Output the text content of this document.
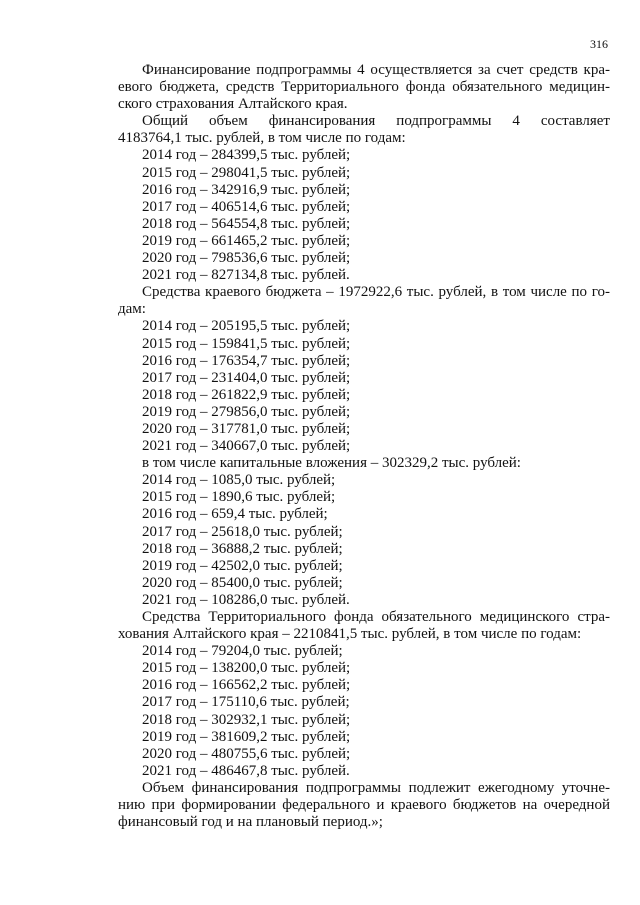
316

Финансирование подпрограммы 4 осуществляется за счет средств кра-

евого бюджета, средств Территориального фонда обязательного медицин-

ского страхования Алтайского края.

Общий объем финансирования подпрограммы 4 составляет

4183764,1 тыс. рублей, в том числе по годам:

2014 год – 284399,5 тыс. рублей;
2015 год – 298041,5 тыс. рублей;
2016 год – 342916,9 тыс. рублей;
2017 год – 406514,6 тыс. рублей;
2018 год – 564554,8 тыс. рублей;
2019 год – 661465,2 тыс. рублей;
2020 год – 798536,6 тыс. рублей;
2021 год – 827134,8 тыс. рублей.

Средства краевого бюджета – 1972922,6 тыс. рублей, в том числе по го-

дам:

2014 год – 205195,5 тыс. рублей;
2015 год – 159841,5 тыс. рублей;
2016 год – 176354,7 тыс. рублей;
2017 год – 231404,0 тыс. рублей;
2018 год – 261822,9 тыс. рублей;
2019 год – 279856,0 тыс. рублей;
2020 год – 317781,0 тыс. рублей;
2021 год – 340667,0 тыс. рублей;

в том числе капитальные вложения – 302329,2 тыс. рублей:

2014 год – 1085,0 тыс. рублей;
2015 год – 1890,6 тыс. рублей;
2016 год – 659,4 тыс. рублей;
2017 год – 25618,0 тыс. рублей;
2018 год – 36888,2 тыс. рублей;
2019 год – 42502,0 тыс. рублей;
2020 год – 85400,0 тыс. рублей;
2021 год – 108286,0 тыс. рублей.

Средства Территориального фонда обязательного медицинского стра-

хования Алтайского края – 2210841,5 тыс. рублей, в том числе по годам:

2014 год – 79204,0 тыс. рублей;
2015 год – 138200,0 тыс. рублей;
2016 год – 166562,2 тыс. рублей;
2017 год – 175110,6 тыс. рублей;
2018 год – 302932,1 тыс. рублей;
2019 год – 381609,2 тыс. рублей;
2020 год – 480755,6 тыс. рублей;
2021 год – 486467,8 тыс. рублей.

Объем финансирования подпрограммы подлежит ежегодному уточне-

нию при формировании федерального и краевого бюджетов на очередной

финансовый год и на плановый период.»;
